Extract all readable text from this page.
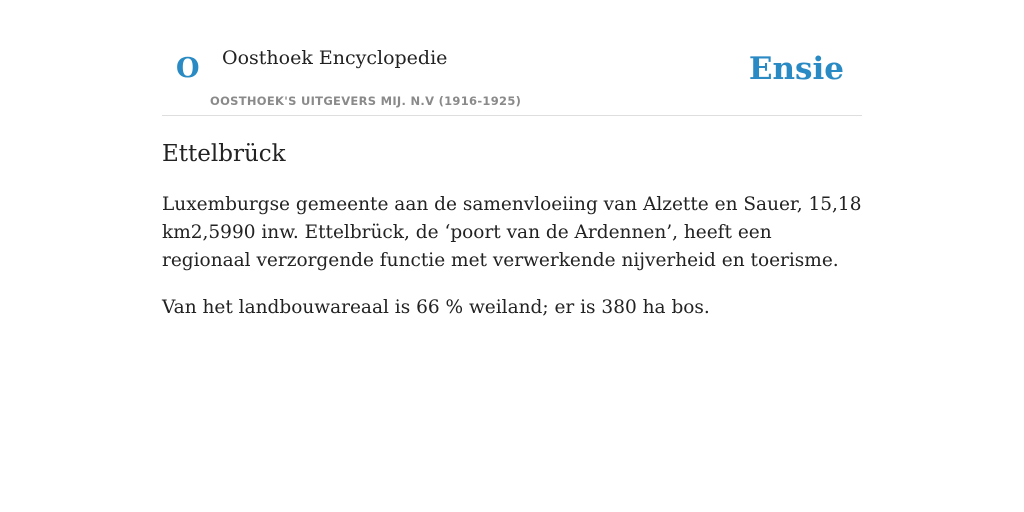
O Oosthoek Encyclopedie
OOSTHOEK'S UITGEVERS MIJ. N.V (1916-1925)
Ensie
Ettelbrück

Luxemburgse gemeente aan de samenvloeiing van Alzette en Sauer, 15,18 km2,5990 inw. Ettelbrück, de ‘poort van de Ardennen’, heeft een regionaal verzorgende functie met verwerkende nijverheid en toerisme.

Van het landbouwareaal is 66 % weiland; er is 380 ha bos.
